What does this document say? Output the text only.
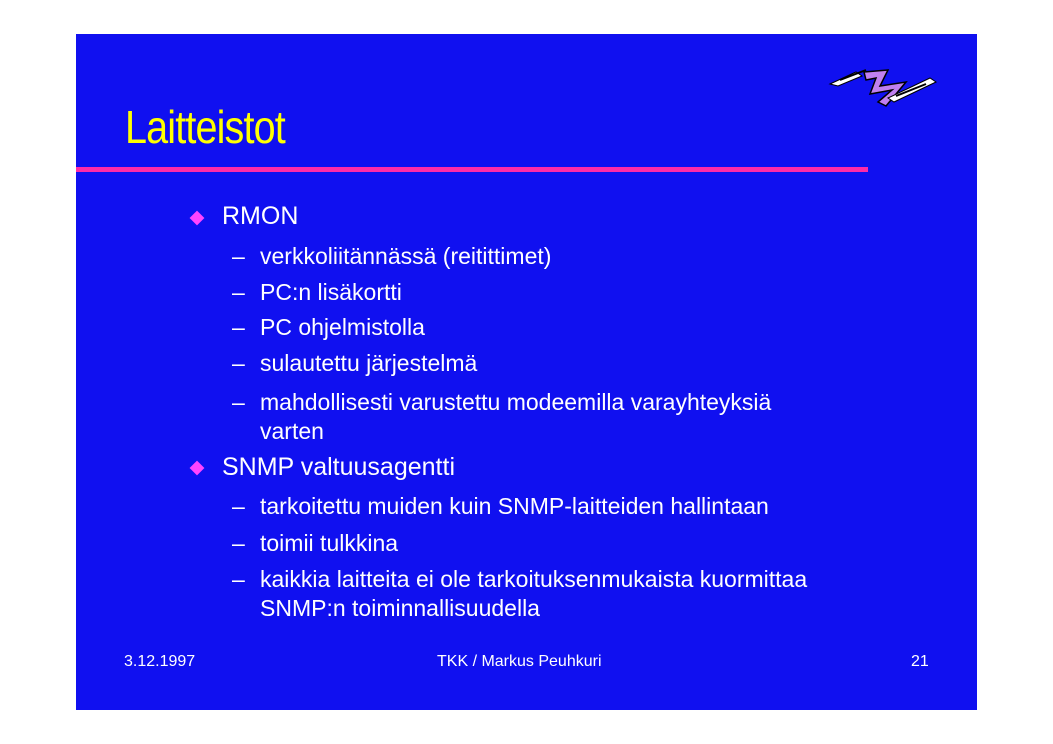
Laitteistot
RMON
– verkkoliitännässä (reitittimet)
– PC:n lisäkortti
– PC ohjelmistolla
– sulautettu järjestelmä
– mahdollisesti varustettu modeemilla varayhteyksiä
varten
SNMP valtuusagentti
– tarkoitettu muiden kuin SNMP-laitteiden hallintaan
– toimii tulkkina
– kaikkia laitteita ei ole tarkoituksenmukaista kuormittaa
SNMP:n toiminnallisuudella
3.12.1997	TKK / Markus Peuhkuri	21
